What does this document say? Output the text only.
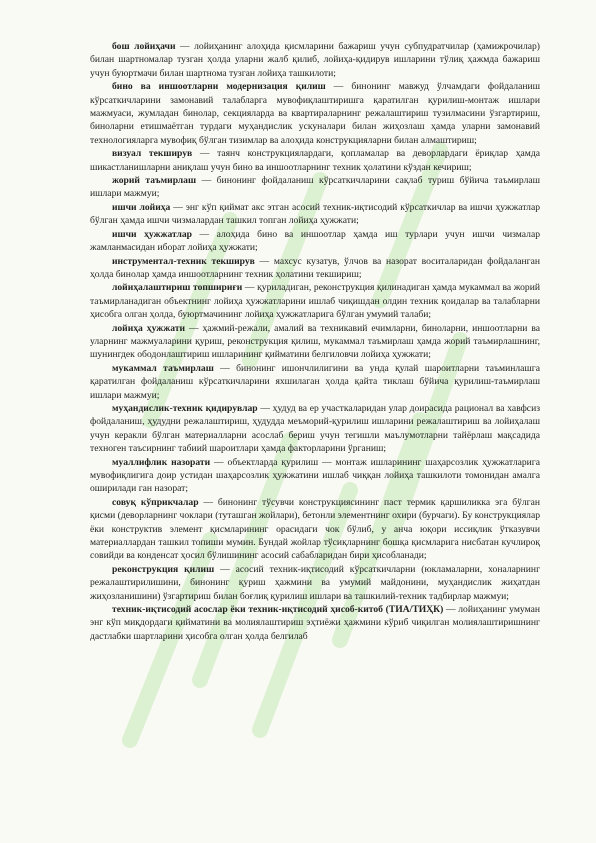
бош лойиҳачи — лойиҳанинг алоҳида қисмларини бажариш учун субпудратчилар (ҳамижрочилар) билан шартномалар тузган ҳолда уларни жалб қилиб, лойиҳа-қидирув ишларини тўлиқ ҳажмда бажариш учун буюртмачи билан шартнома тузган лойиҳа ташкилоти;

бино ва иншоотларни модернизация қилиш — бинонинг мавжуд ўлчамдаги фойдаланиш кўрсаткичларини замонавий талабларга мувофиқлаштиришга қаратилган қурилиш-монтаж ишлари мажмуаси, жумладан бинолар, секцияларда ва квартираларнинг режалаштириш тузилмасини ўзгартириш, биноларни етишмаётган турдаги муҳандислик ускуналари билан жиҳозлаш ҳамда уларни замонавий технологияларга мувофиқ бўлган тизимлар ва алоҳида конструкцияларни билан алмаштириш;

визуал текширув — таянч конструкциялардаги, қопламалар ва деворлардаги ёриқлар ҳамда шикастланишларни аниқлаш учун бино ва иншоотларнинг техник ҳолатини кўздан кечириш;

жорий таъмирлаш — бинонинг фойдаланиш кўрсаткичларини сақлаб туриш бўйича таъмирлаш ишлари мажмуи;

ишчи лойиҳа — энг кўп қиймат акс этган асосий техник-иқтисодий кўрсаткичлар ва ишчи ҳужжатлар бўлган ҳамда ишчи чизмалардан ташкил топган лойиҳа ҳужжати;

ишчи ҳужжатлар — алоҳида бино ва иншоотлар ҳамда иш турлари учун ишчи чизмалар жамланмасидан иборат лойиҳа ҳужжати;

инструментал-техник текширув — махсус кузатув, ўлчов ва назорат воситаларидан фойдаланган ҳолда бинолар ҳамда иншоотларнинг техник ҳолатини текшириш;

лойиҳалаштириш топшириғи — қуриладиган, реконструкция қилинадиган ҳамда мукаммал ва жорий таъмирланадиган объектнинг лойиҳа ҳужжатларини ишлаб чиқишдан олдин техник қоидалар ва талабларни ҳисобга олган ҳолда, буюртмачининг лойиҳа ҳужжатларига бўлган умумий талаби;

лойиҳа ҳужжати — ҳажмий-режали, амалий ва техникавий ечимларни, биноларни, иншоотларни ва уларнинг мажмуаларини қуриш, реконструкция қилиш, мукаммал таъмирлаш ҳамда жорий таъмирлашнинг, шунингдек ободонлаштириш ишларининг қийматини белгиловчи лойиҳа ҳужжати;

мукаммал таъмирлаш — бинонинг ишончлилигини ва унда қулай шароитларни таъминлашга қаратилган фойдаланиш кўрсаткичларини яхшилаган ҳолда қайта тиклаш бўйича қурилиш-таъмирлаш ишлари мажмуи;

муҳандислик-техник қидирувлар — ҳудуд ва ер участкаларидан улар доирасида рационал ва хавфсиз фойдаланиш, ҳудудни режалаштириш, ҳудудда меъморий-қурилиш ишларини режалаштириш ва лойиҳалаш учун керакли бўлган материалларни асослаб бериш учун тегишли маълумотларни тайёрлаш мақсадида техноген таъсирнинг табиий шароитлари ҳамда факторларини ўрганиш;

муаллифлик назорати — объектларда қурилиш — монтаж ишларининг шаҳарсозлик ҳужжатларига мувофиқлигига доир устидан шаҳарсозлик ҳужжатини ишлаб чиққан лойиҳа ташкилоти томонидан амалга оширилади ган назорат;

совуқ кўприкчалар — бинонинг тўсувчи конструкциясининг паст термик қаршиликка эга бўлган қисми (деворларнинг чоклари (туташган жойлари), бетонли элементнинг охири (бурчаги). Бу конструкциялар ёки конструктив элемент қисмларининг орасидаги чок бўлиб, у анча юқори иссиқлик ўтказувчи материаллардан ташкил топиши мумин. Бундай жойлар тўсиқларнинг бошқа қисмларига нисбатан кучлироқ совийди ва конденсат ҳосил бўлишининг асосий сабабларидан бири ҳисобланади;

реконструкция қилиш — асосий техник-иқтисодий кўрсаткичларни (юкламаларни, хоналарнинг режалаштирилишини, бинонинг қуриш ҳажмини ва умумий майдонини, муҳандислик жиҳатдан жиҳозланишини) ўзгартириш билан боғлиқ қурилиш ишлари ва ташкилий-техник тадбирлар мажмуи;

техник-иқтисодий асослар ёки техник-иқтисодий ҳисоб-китоб (ТИА/ТИҲК) — лойиҳанинг умуман энг кўп миқдордаги қийматини ва молиялаштириш эҳтиёжи ҳажмини кўриб чиқилган молиялаштиришнинг дастлабки шартларини ҳисобга олган ҳолда белгилаб
